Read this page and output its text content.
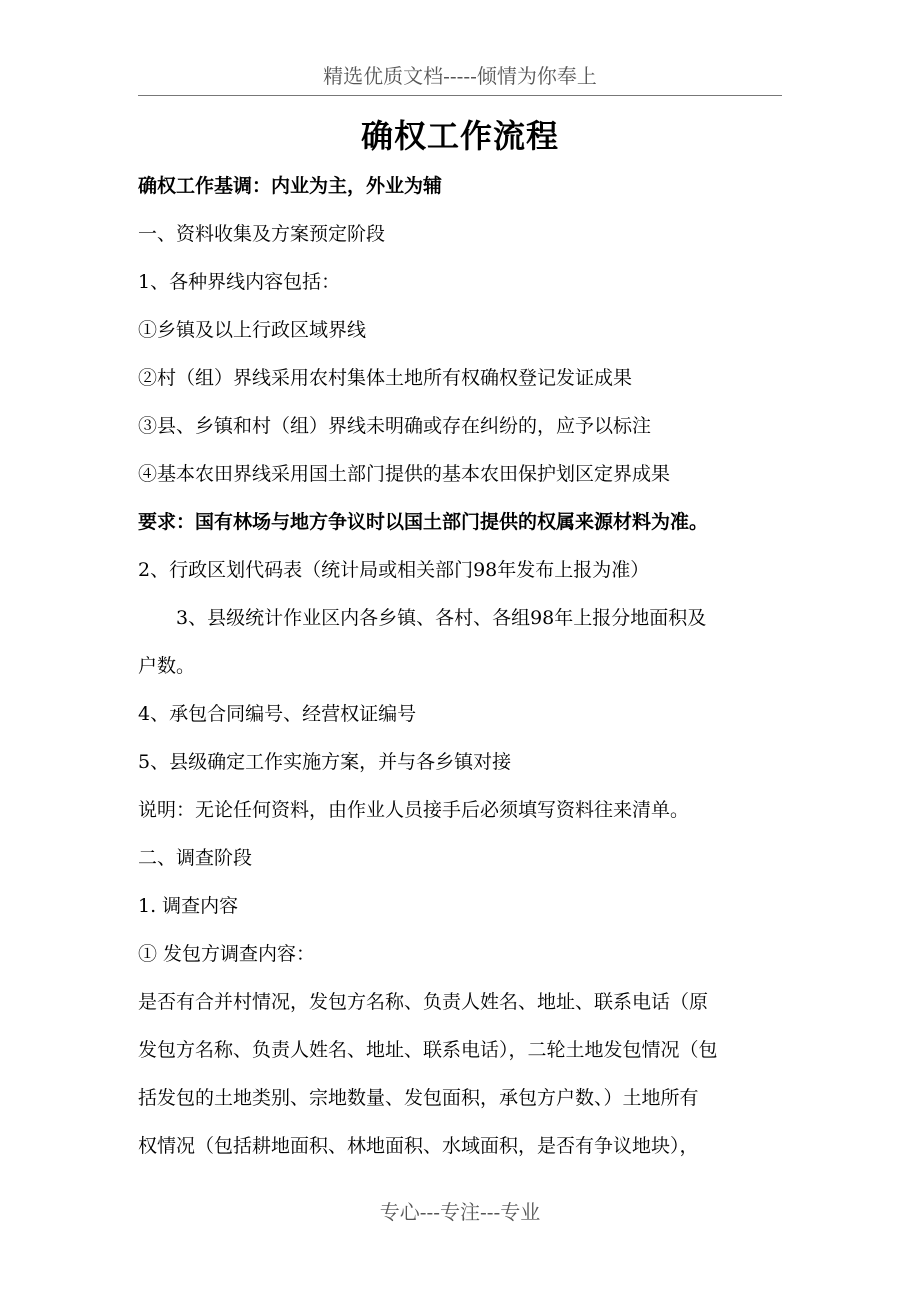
精选优质文档-----倾情为你奉上
确权工作流程
确权工作基调：内业为主，外业为辅
一、资料收集及方案预定阶段
1、各种界线内容包括：
①乡镇及以上行政区域界线
②村（组）界线采用农村集体土地所有权确权登记发证成果
③县、乡镇和村（组）界线未明确或存在纠纷的，应予以标注
④基本农田界线采用国土部门提供的基本农田保护划区定界成果
要求：国有林场与地方争议时以国土部门提供的权属来源材料为准。
2、行政区划代码表（统计局或相关部门98年发布上报为准）
3、县级统计作业区内各乡镇、各村、各组98年上报分地面积及
户数。
4、承包合同编号、经营权证编号
5、县级确定工作实施方案，并与各乡镇对接
说明：无论任何资料，由作业人员接手后必须填写资料往来清单。
二、调查阶段
1. 调查内容
① 发包方调查内容：
是否有合并村情况，发包方名称、负责人姓名、地址、联系电话（原
发包方名称、负责人姓名、地址、联系电话），二轮土地发包情况（包
括发包的土地类别、宗地数量、发包面积，承包方户数、）土地所有
权情况（包括耕地面积、林地面积、水域面积，是否有争议地块），
专心---专注---专业
